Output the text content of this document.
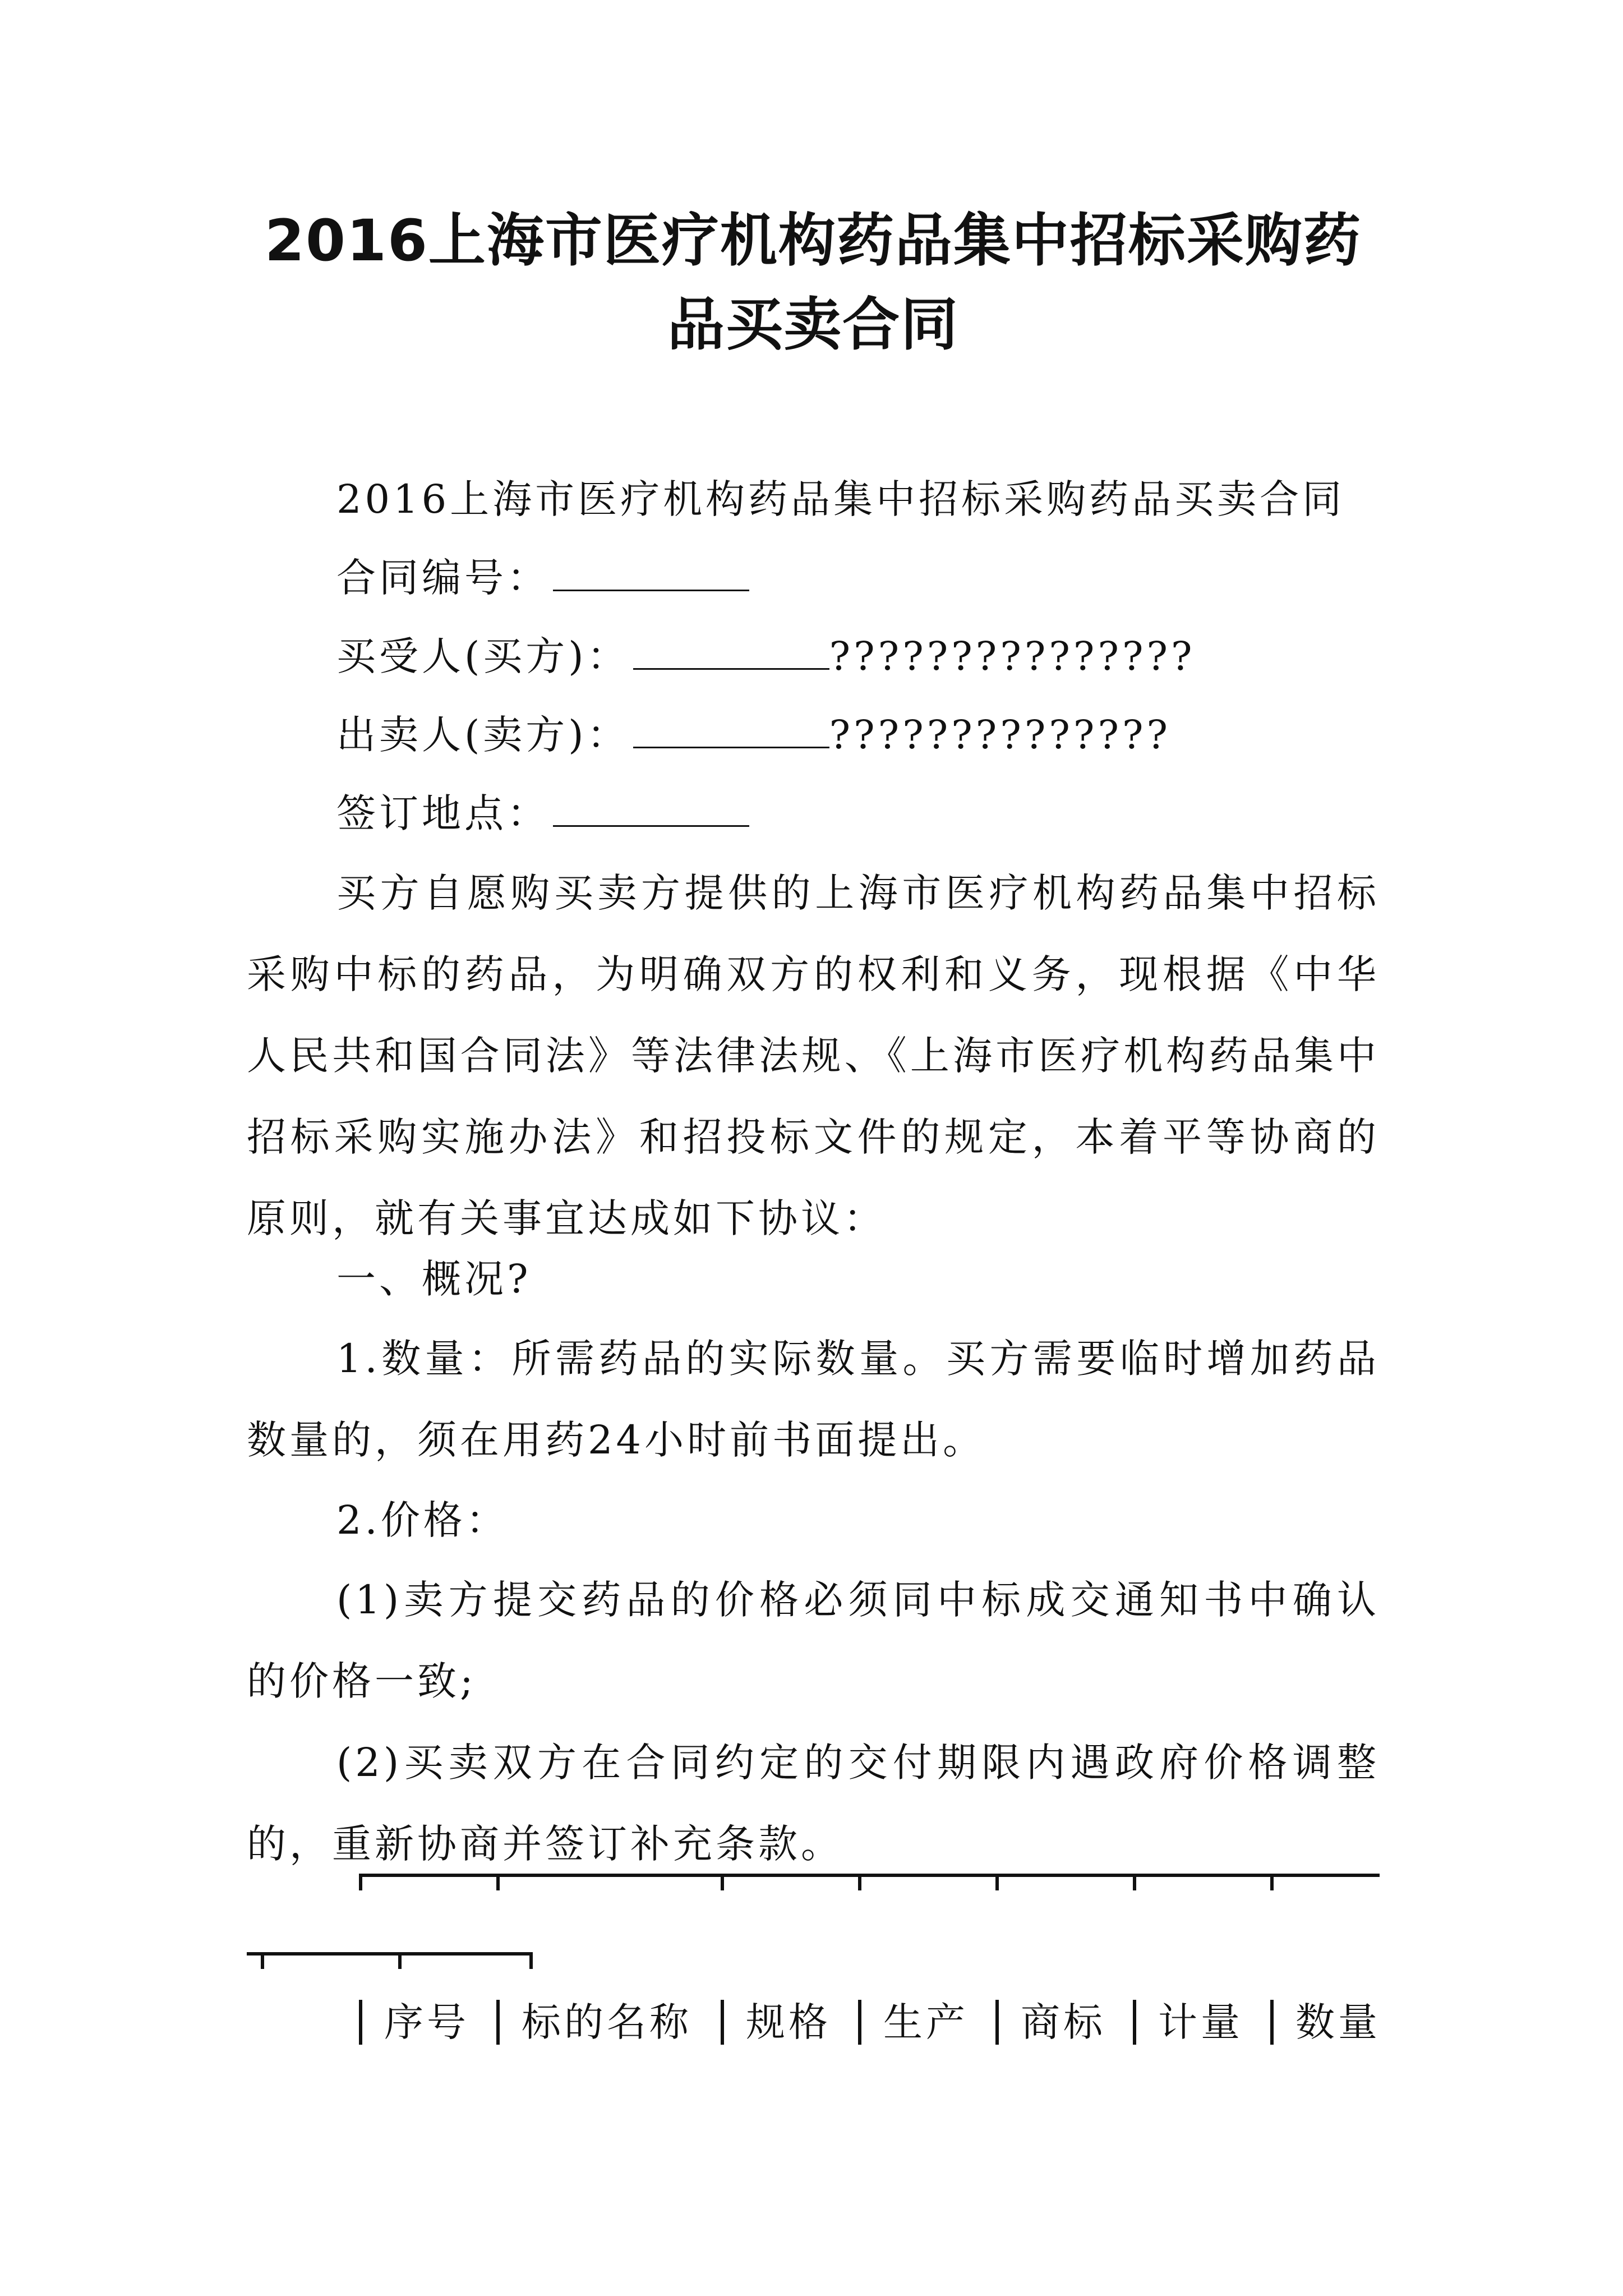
2016上海市医疗机构药品集中招标采购药
品买卖合同
2016上海市医疗机构药品集中招标采购药品买卖合同
合同编号：
买受人(买方)：	???????????????
出卖人(卖方)：	??????????????
签订地点：
买方自愿购买卖方提供的上海市医疗机构药品集中招标采购中标的药品，为明确双方的权利和义务，现根据《中华人民共和国合同法》等法律法规、《上海市医疗机构药品集中招标采购实施办法》和招投标文件的规定，本着平等协商的原则，就有关事宜达成如下协议：
一、概况?
1.数量：所需药品的实际数量。买方需要临时增加药品数量的，须在用药24小时前书面提出。
2.价格：
(1)卖方提交药品的价格必须同中标成交通知书中确认的价格一致;
(2)买卖双方在合同约定的交付期限内遇政府价格调整的，重新协商并签订补充条款。
序号 标的名称 规格 生产 商标 计量 数量
